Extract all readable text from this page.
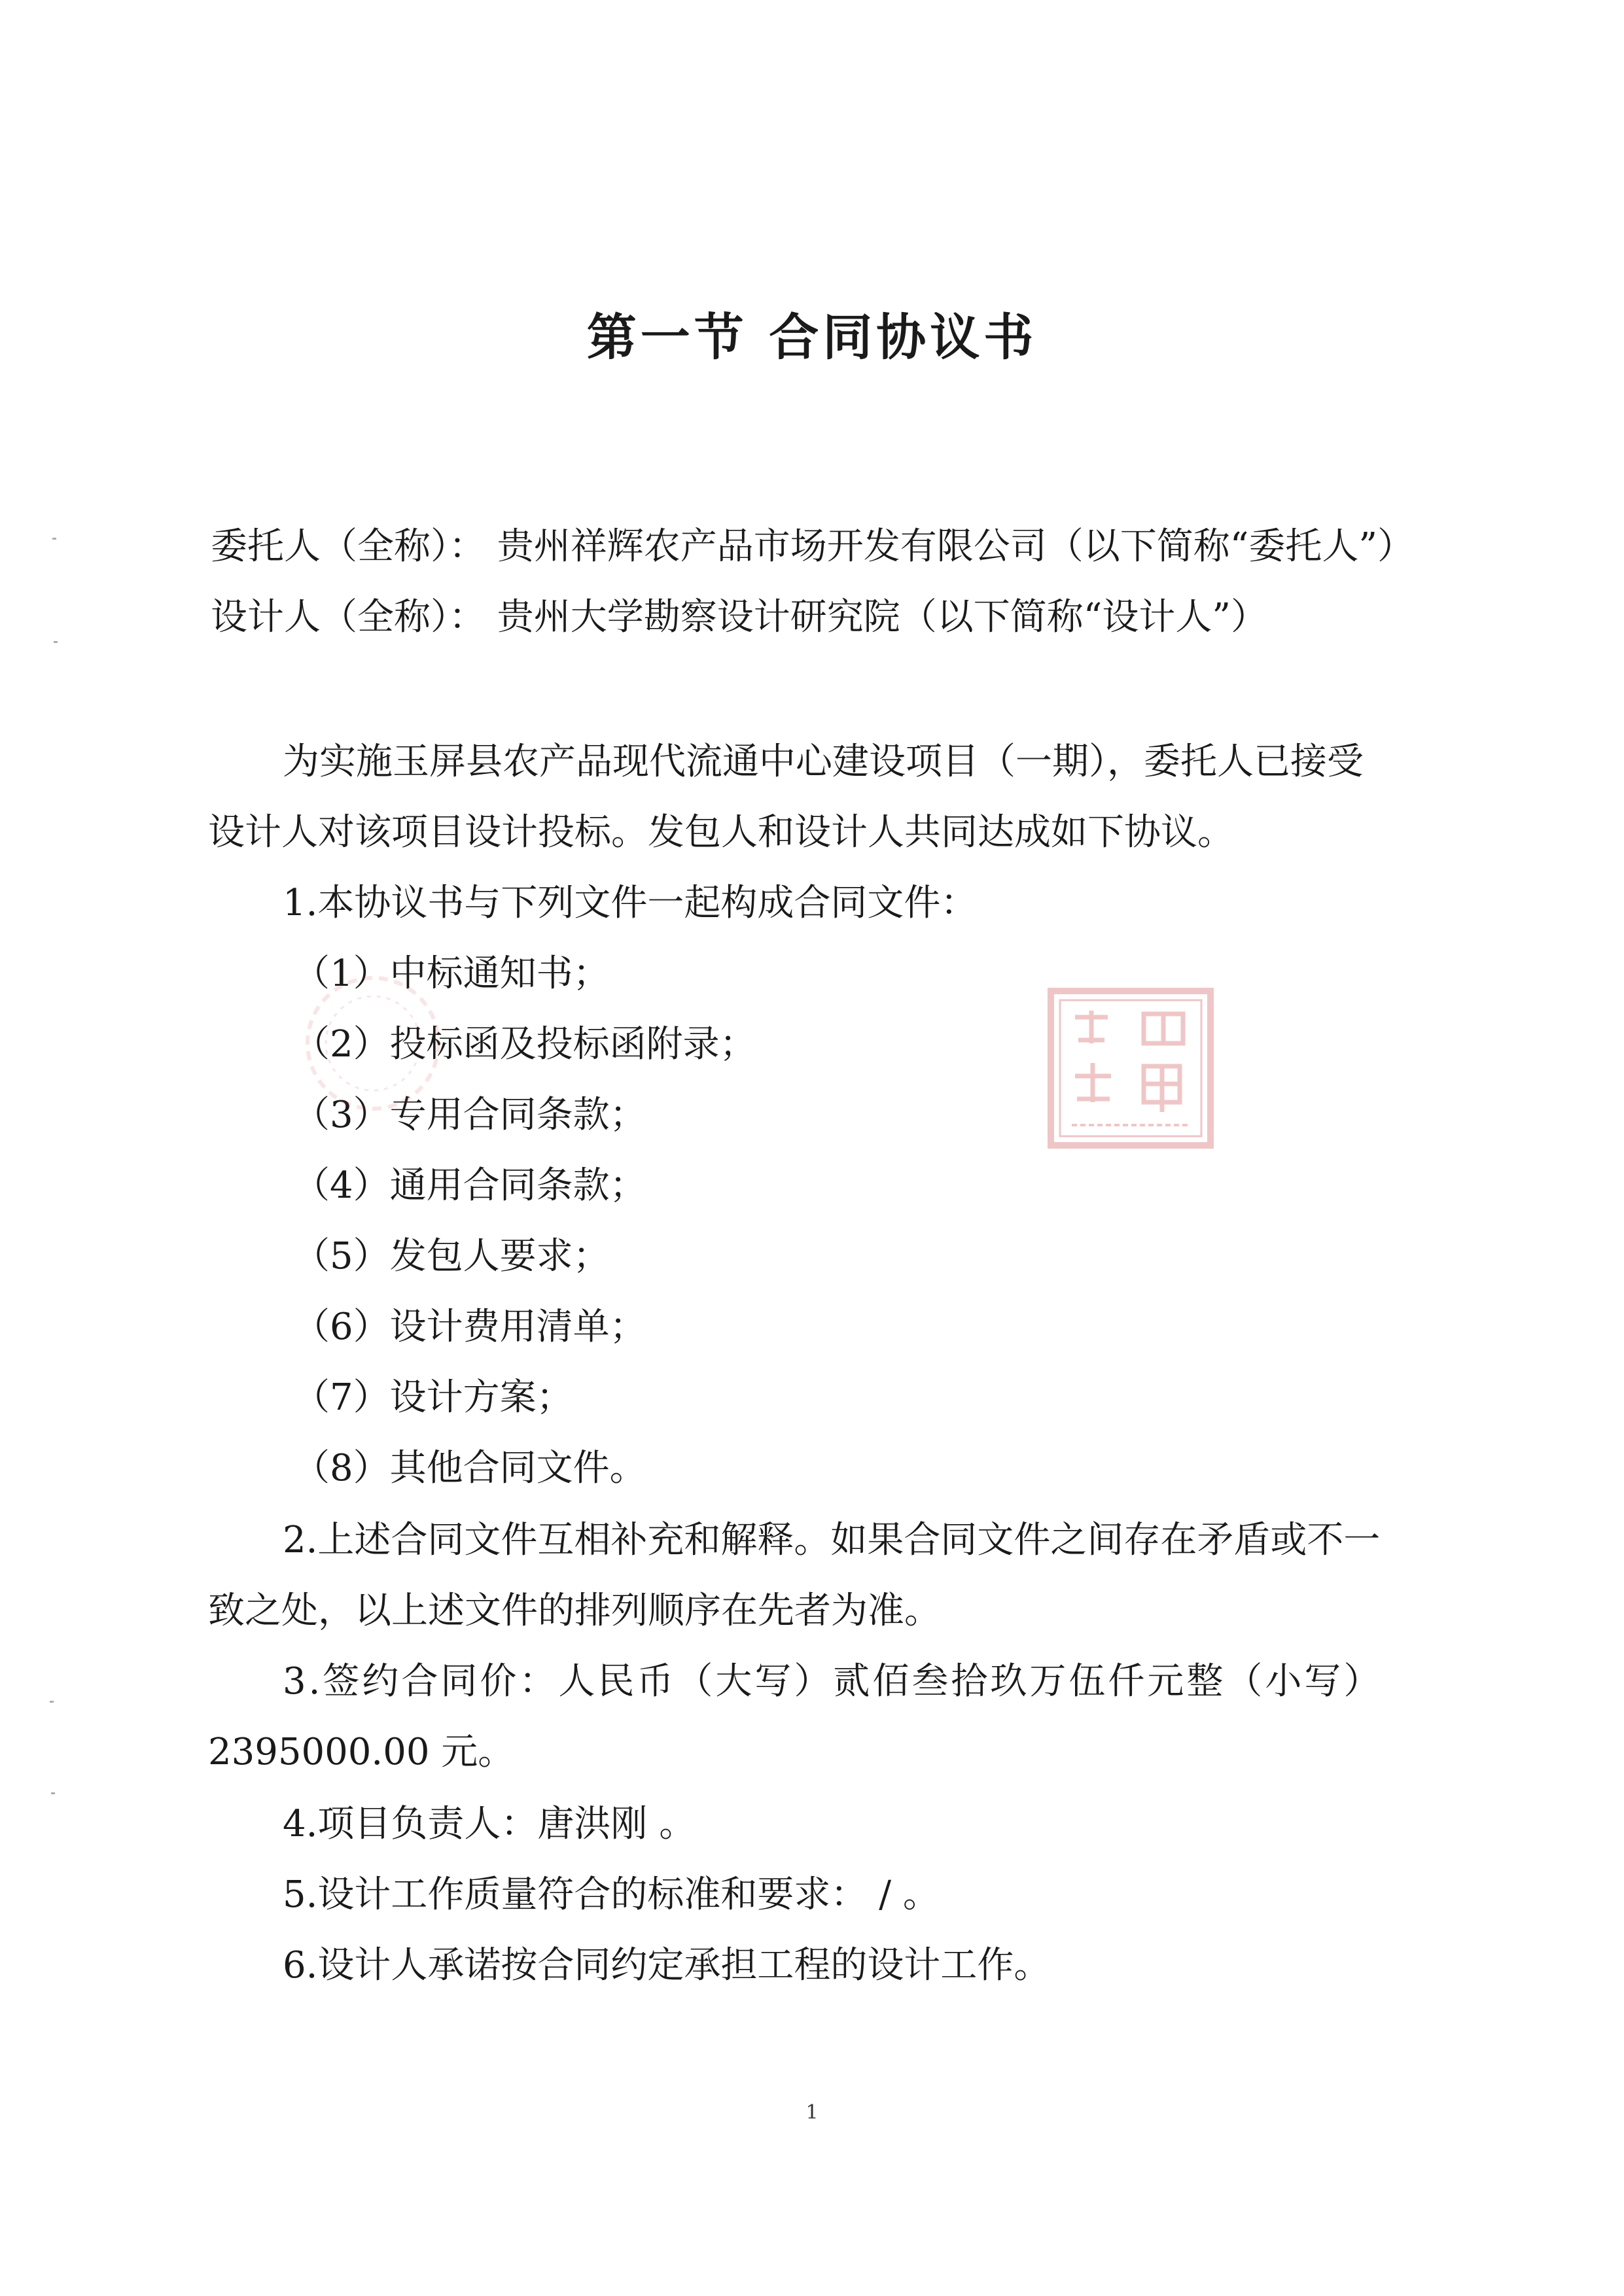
第一节 合同协议书
委托人（全称）： 贵州祥辉农产品市场开发有限公司（以下简称“委托人”）
设计人（全称）： 贵州大学勘察设计研究院（以下简称“设计人”）
为实施玉屏县农产品现代流通中心建设项目（一期），委托人已接受
设计人对该项目设计投标。发包人和设计人共同达成如下协议。
1.本协议书与下列文件一起构成合同文件：
（1）中标通知书；
（2）投标函及投标函附录；
（3）专用合同条款；
（4）通用合同条款；
（5）发包人要求；
（6）设计费用清单；
（7）设计方案；
（8）其他合同文件。
2.上述合同文件互相补充和解释。如果合同文件之间存在矛盾或不一
致之处，以上述文件的排列顺序在先者为准。
3.签约合同价：人民币（大写）贰佰叁拾玖万伍仟元整（小写）
2395000.00 元。
4.项目负责人：唐洪刚 。
5.设计工作质量符合的标准和要求： / 。
6.设计人承诺按合同约定承担工程的设计工作。
1
